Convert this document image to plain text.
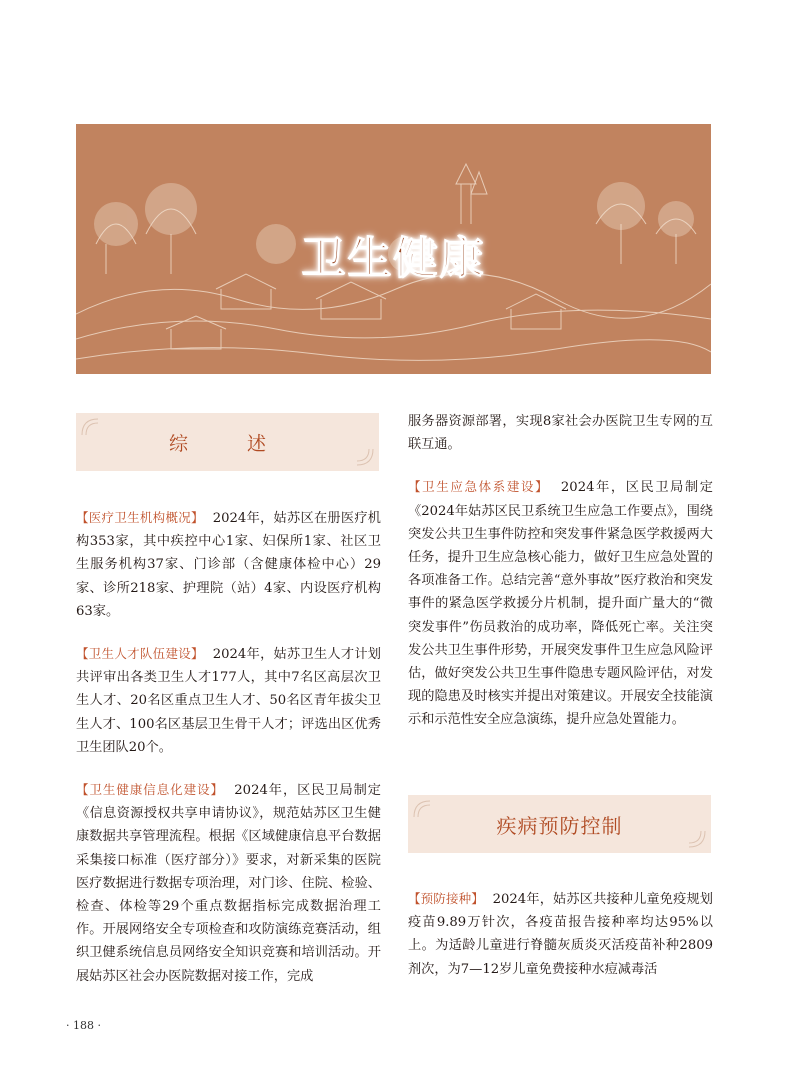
卫生健康
综　述

【医疗卫生机构概况】 2024年，姑苏区在册医疗机构353家，其中疾控中心1家、妇保所1家、社区卫生服务机构37家、门诊部（含健康体检中心）29家、诊所218家、护理院（站）4家、内设医疗机构63家。

【卫生人才队伍建设】 2024年，姑苏卫生人才计划共评审出各类卫生人才177人，其中7名区高层次卫生人才、20名区重点卫生人才、50名区青年拔尖卫生人才、100名区基层卫生骨干人才；评选出区优秀卫生团队20个。

【卫生健康信息化建设】 2024年，区民卫局制定《信息资源授权共享申请协议》，规范姑苏区卫生健康数据共享管理流程。根据《区域健康信息平台数据采集接口标准（医疗部分）》要求，对新采集的医院医疗数据进行数据专项治理，对门诊、住院、检验、检查、体检等29个重点数据指标完成数据治理工作。开展网络安全专项检查和攻防演练竞赛活动，组织卫健系统信息员网络安全知识竞赛和培训活动。开展姑苏区社会办医院数据对接工作，完成

服务器资源部署，实现8家社会办医院卫生专网的互联互通。

【卫生应急体系建设】 2024年，区民卫局制定《2024年姑苏区民卫系统卫生应急工作要点》，围绕突发公共卫生事件防控和突发事件紧急医学救援两大任务，提升卫生应急核心能力，做好卫生应急处置的各项准备工作。总结完善“意外事故”医疗救治和突发事件的紧急医学救援分片机制，提升面广量大的“微突发事件”伤员救治的成功率，降低死亡率。关注突发公共卫生事件形势，开展突发事件卫生应急风险评估，做好突发公共卫生事件隐患专题风险评估，对发现的隐患及时核实并提出对策建议。开展安全技能演示和示范性安全应急演练，提升应急处置能力。

疾病预防控制

【预防接种】 2024年，姑苏区共接种儿童免疫规划疫苗9.89万针次，各疫苗报告接种率均达95%以上。为适龄儿童进行脊髓灰质炎灭活疫苗补种2809剂次，为7—12岁儿童免费接种水痘减毒活

· 188 ·
